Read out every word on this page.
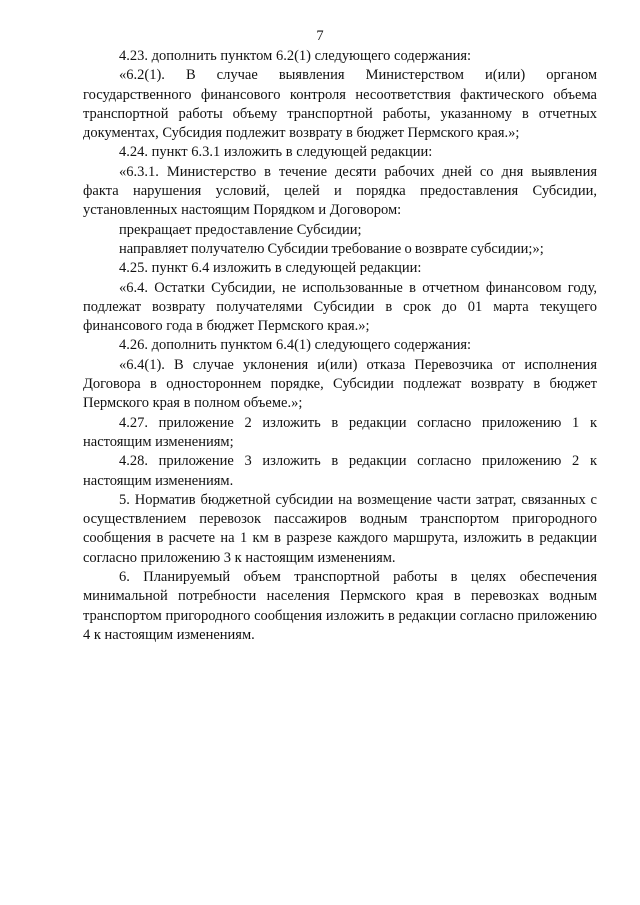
7

4.23. дополнить пунктом 6.2(1) следующего содержания:

«6.2(1). В случае выявления Министерством и(или) органом государственного финансового контроля несоответствия фактического объема транспортной работы объему транспортной работы, указанному в отчетных документах, Субсидия подлежит возврату в бюджет Пермского края.»;

4.24. пункт 6.3.1 изложить в следующей редакции:

«6.3.1. Министерство в течение десяти рабочих дней со дня выявления факта нарушения условий, целей и порядка предоставления Субсидии, установленных настоящим Порядком и Договором:

прекращает предоставление Субсидии;

направляет получателю Субсидии требование о возврате субсидии;»;

4.25. пункт 6.4 изложить в следующей редакции:

«6.4. Остатки Субсидии, не использованные в отчетном финансовом году, подлежат возврату получателями Субсидии в срок до 01 марта текущего финансового года в бюджет Пермского края.»;

4.26. дополнить пунктом 6.4(1) следующего содержания:

«6.4(1). В случае уклонения и(или) отказа Перевозчика от исполнения Договора в одностороннем порядке, Субсидии подлежат возврату в бюджет Пермского края в полном объеме.»;

4.27. приложение 2 изложить в редакции согласно приложению 1 к настоящим изменениям;

4.28. приложение 3 изложить в редакции согласно приложению 2 к настоящим изменениям.

5. Норматив бюджетной субсидии на возмещение части затрат, связанных с осуществлением перевозок пассажиров водным транспортом пригородного сообщения в расчете на 1 км в разрезе каждого маршрута, изложить в редакции согласно приложению 3 к настоящим изменениям.

6. Планируемый объем транспортной работы в целях обеспечения минимальной потребности населения Пермского края в перевозках водным транспортом пригородного сообщения изложить в редакции согласно приложению 4 к настоящим изменениям.
